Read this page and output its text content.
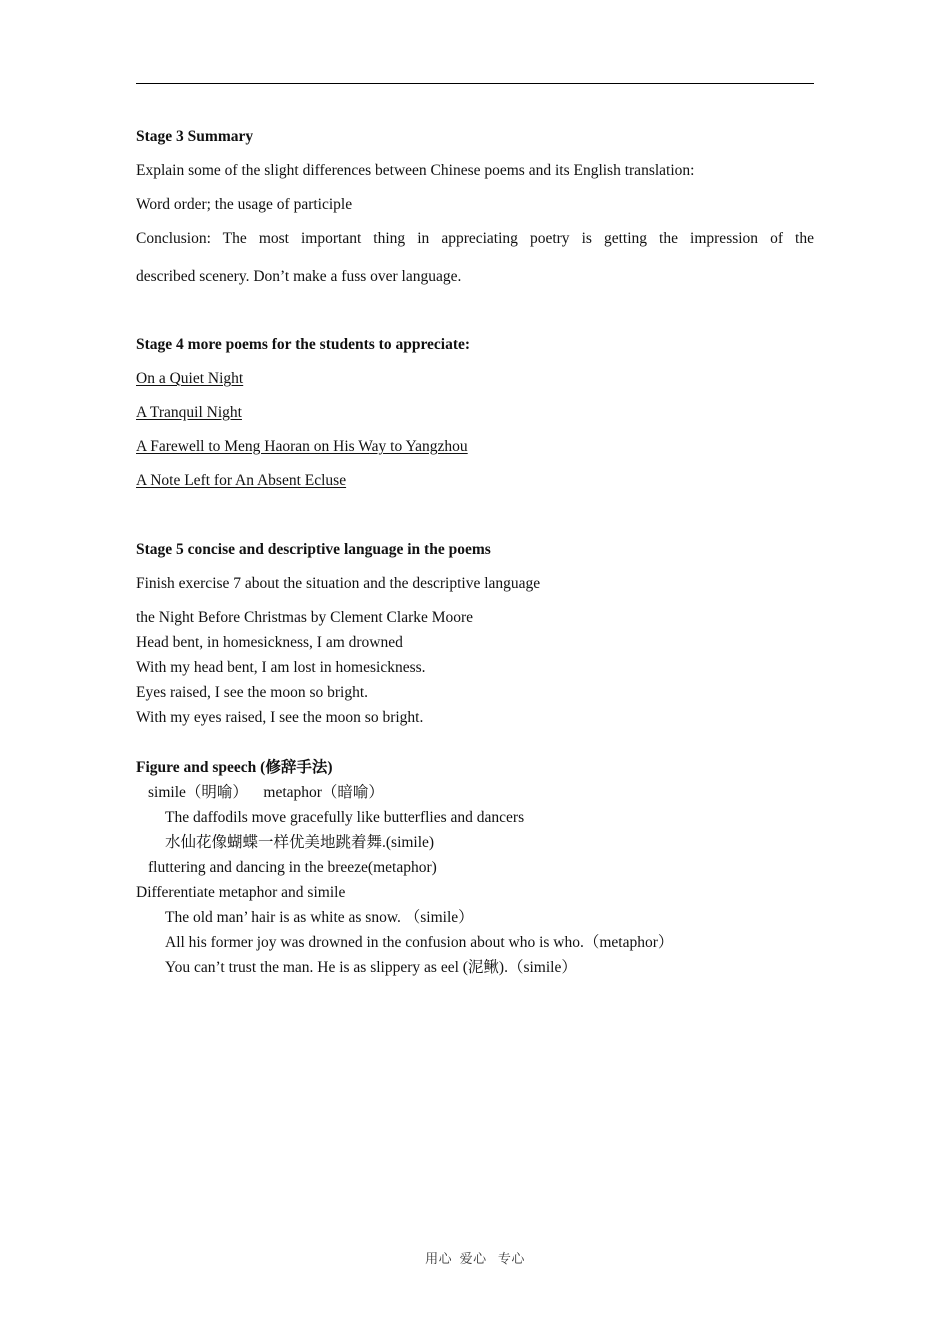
Stage 3 Summary
Explain some of the slight differences between Chinese poems and its English translation:
Word order; the usage of participle
Conclusion: The most important thing in appreciating poetry is getting the impression of the
described scenery. Don’t make a fuss over language.
Stage 4 more poems for the students to appreciate:
On a Quiet Night
A Tranquil Night
A Farewell to Meng Haoran on His Way to Yangzhou
A Note Left for An Absent Ecluse
Stage 5 concise and descriptive language in the poems
Finish exercise 7 about the situation and the descriptive language
the Night Before Christmas by Clement Clarke Moore
Head bent, in homesickness, I am drowned
With my head bent, I am lost in homesickness.
Eyes raised, I see the moon so bright.
With my eyes raised, I see the moon so bright.
Figure and speech (修辞手法)
simile（明喻）    metaphor（暗喻）
The daffodils move gracefully like butterflies and dancers
水仙花像蝴蝶一样优美地跳着舞.(simile)
fluttering and dancing in the breeze(metaphor)
Differentiate metaphor and simile
The old man’ hair is as white as snow. （simile）
All his former joy was drowned in the confusion about who is who.（metaphor）
You can’t trust the man. He is as slippery as eel (泥鳅).（simile）
用心  爱心   专心
